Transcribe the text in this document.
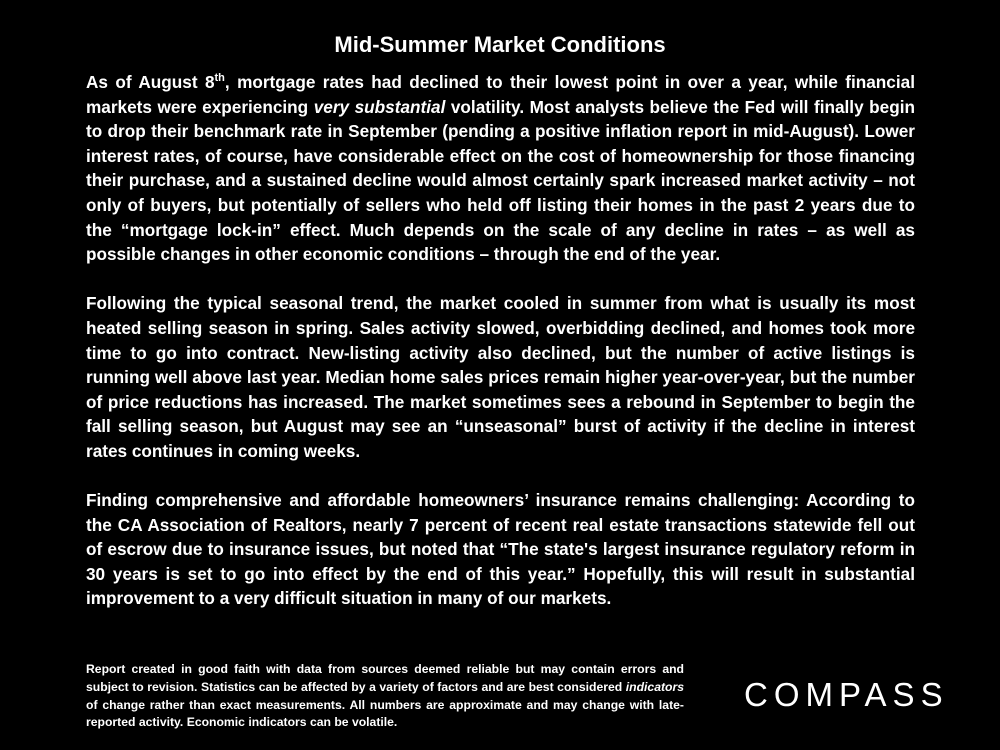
Mid-Summer Market Conditions

As of August 8th, mortgage rates had declined to their lowest point in over a year, while financial markets were experiencing very substantial volatility. Most analysts believe the Fed will finally begin to drop their benchmark rate in September (pending a positive inflation report in mid-August). Lower interest rates, of course, have considerable effect on the cost of homeownership for those financing their purchase, and a sustained decline would almost certainly spark increased market activity – not only of buyers, but potentially of sellers who held off listing their homes in the past 2 years due to the “mortgage lock-in” effect. Much depends on the scale of any decline in rates – as well as possible changes in other economic conditions – through the end of the year.

Following the typical seasonal trend, the market cooled in summer from what is usually its most heated selling season in spring. Sales activity slowed, overbidding declined, and homes took more time to go into contract. New-listing activity also declined, but the number of active listings is running well above last year. Median home sales prices remain higher year-over-year, but the number of price reductions has increased. The market sometimes sees a rebound in September to begin the fall selling season, but August may see an “unseasonal” burst of activity if the decline in interest rates continues in coming weeks.

Finding comprehensive and affordable homeowners’ insurance remains challenging: According to the CA Association of Realtors, nearly 7 percent of recent real estate transactions statewide fell out of escrow due to insurance issues, but noted that “The state's largest insurance regulatory reform in 30 years is set to go into effect by the end of this year.” Hopefully, this will result in substantial improvement to a very difficult situation in many of our markets.

Report created in good faith with data from sources deemed reliable but may contain errors and subject to revision. Statistics can be affected by a variety of factors and are best considered indicators of change rather than exact measurements. All numbers are approximate and may change with late-reported activity. Economic indicators can be volatile.
COMPASS
